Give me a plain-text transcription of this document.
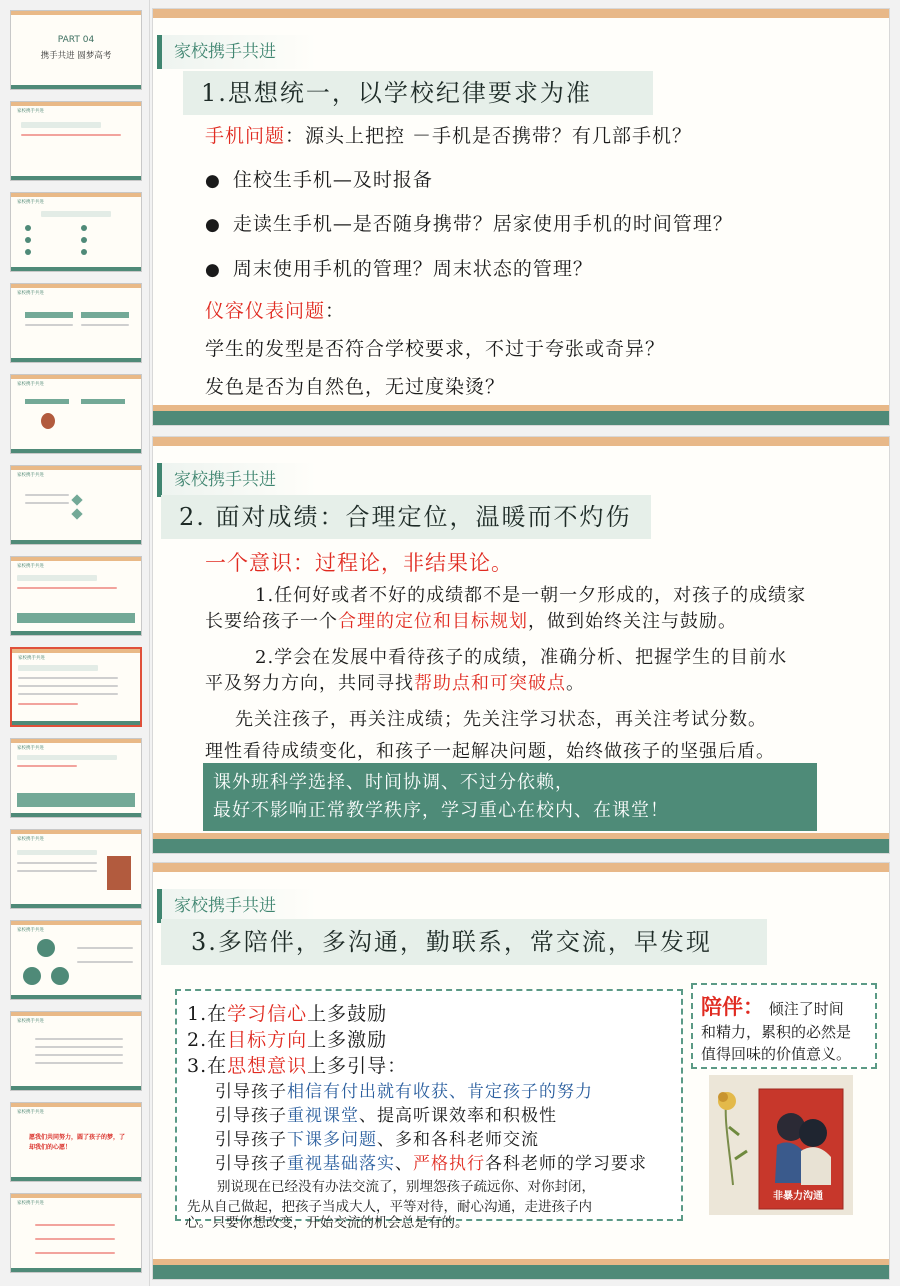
PART 04
携手共进 圆梦高考
家校携手共进
家校携手共进
家校携手共进
家校携手共进
家校携手共进
家校携手共进
家校携手共进
家校携手共进
家校携手共进
家校携手共进
家校携手共进
家校携手共进
愿我们共同努力，圆了孩子的梦，了却我们的心愿！
家校携手共进
家校携手共进
1.思想统一，以学校纪律要求为准
手机问题：源头上把控 －手机是否携带？有几部手机？
● 住校生手机—及时报备
● 走读生手机—是否随身携带？居家使用手机的时间管理？
● 周末使用手机的管理？周末状态的管理？
仪容仪表问题：
学生的发型是否符合学校要求，不过于夸张或奇异？
发色是否为自然色，无过度染烫？
家校携手共进
2. 面对成绩：合理定位，温暖而不灼伤
一个意识：过程论，非结果论。
1.任何好或者不好的成绩都不是一朝一夕形成的，对孩子的成绩家
长要给孩子一个合理的定位和目标规划，做到始终关注与鼓励。
2.学会在发展中看待孩子的成绩，准确分析、把握学生的目前水
平及努力方向，共同寻找帮助点和可突破点。
先关注孩子，再关注成绩；先关注学习状态，再关注考试分数。
理性看待成绩变化，和孩子一起解决问题，始终做孩子的坚强后盾。
课外班科学选择、时间协调、不过分依赖，
最好不影响正常教学秩序，学习重心在校内、在课堂！
家校携手共进
3.多陪伴，多沟通，勤联系，常交流，早发现
1.在学习信心上多鼓励
2.在目标方向上多激励
3.在思想意识上多引导：
引导孩子相信有付出就有收获、肯定孩子的努力
引导孩子重视课堂、提高听课效率和积极性
引导孩子下课多问题、多和各科老师交流
引导孩子重视基础落实、严格执行各科老师的学习要求
别说现在已经没有办法交流了，别埋怨孩子疏远你、对你封闭，
先从自己做起，把孩子当成大人，平等对待，耐心沟通，走进孩子内
心。只要你想改变，开始交流的机会总是有的。
陪伴： 倾注了时间
和精力，累积的必然是
值得回味的价值意义。
非暴力沟通
